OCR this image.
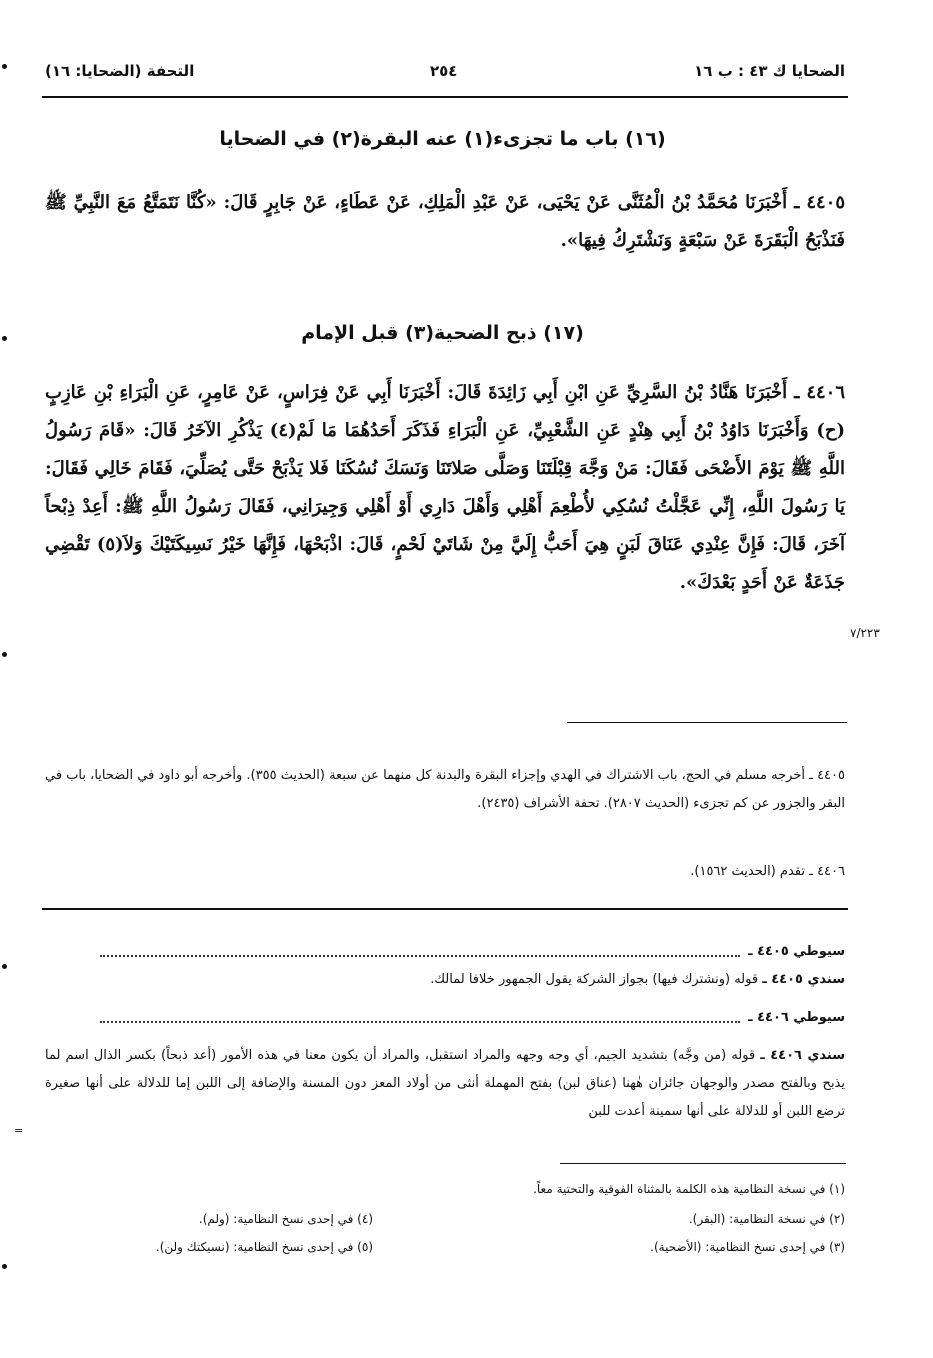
الضحايا ك ٤٣ : ب ١٦
٢٥٤
التحفة (الضحايا: ١٦)
(١٦) باب ما تجزىء(١) عنه البقرة(٢) في الضحايا

٤٤٠٥ ـ أَخْبَرَنَا مُحَمَّدُ بْنُ الْمُثَنَّى عَنْ يَحْيَى، عَنْ عَبْدِ الْمَلِكِ، عَنْ عَطَاءٍ، عَنْ جَابِرٍ قَالَ: «كُنَّا نَتَمَتَّعُ مَعَ النَّبِيِّ ﷺ فَنَذْبَحُ الْبَقَرَةَ عَنْ سَبْعَةٍ وَنَشْتَرِكُ فِيهَا».

(١٧) ذبح الضحية(٣) قبل الإمام

٤٤٠٦ ـ أَخْبَرَنَا هَنَّادُ بْنُ السَّرِيِّ عَنِ ابْنِ أَبِي زَائِدَةَ قَالَ: أَخْبَرَنَا أَبِي عَنْ فِرَاسٍ، عَنْ عَامِرٍ، عَنِ الْبَرَاءِ بْنِ عَازِبٍ (ح) وَأَخْبَرَنَا دَاوُدُ بْنُ أَبِي هِنْدٍ عَنِ الشَّعْبِيِّ، عَنِ الْبَرَاءِ فَذَكَرَ أَحَدُهُمَا مَا لَمْ(٤) يَذْكُرِ الآخَرُ قَالَ: «قَامَ رَسُولُ اللَّهِ ﷺ يَوْمَ الأَضْحَى فَقَالَ: مَنْ وَجَّهَ قِبْلَتَنَا وَصَلَّى صَلاتَنَا وَنَسَكَ نُسُكَنَا فَلا يَذْبَحْ حَتَّى يُصَلِّيَ، فَقَامَ خَالِي فَقَالَ: يَا رَسُولَ اللَّهِ، إِنِّي عَجَّلْتُ نُسُكِي لأُطْعِمَ أَهْلِي وَأَهْلَ دَارِي أَوْ أَهْلِي وَجِيرَانِي، فَقَالَ رَسُولُ اللَّهِ ﷺ: أَعِدْ ذِبْحاً آخَرَ، قَالَ: فَإِنَّ عِنْدِي عَنَاقَ لَبَنٍ هِيَ أَحَبُّ إِلَيَّ مِنْ شَاتَيْ لَحْمٍ، قَالَ: اذْبَحْهَا، فَإِنَّهَا خَيْرُ نَسِيكَتَيْكَ وَلاَ(٥) تَقْضِي جَذَعَةٌ عَنْ أَحَدٍ بَعْدَكَ».

٧/٢٢٣
٤٤٠٥ ـ أخرجه مسلم في الحج، باب الاشتراك في الهدي وإجزاء البقرة والبدنة كل منهما عن سبعة (الحديث ٣٥٥). وأخرجه أبو داود في الضحايا، باب في البقر والجزور عن كم تجزىء (الحديث ٢٨٠٧). تحفة الأشراف (٢٤٣٥).
٤٤٠٦ ـ تقدم (الحديث ١٥٦٢).
سيوطي ٤٤٠٥ ـ
سندي ٤٤٠٥ ـ قوله (ونشترك فيها) بجواز الشركة يقول الجمهور خلافاً لمالك.
سيوطي ٤٤٠٦ ـ
سندي ٤٤٠٦ ـ قوله (من وجَّه) بتشديد الجيم، أي وجه وجهه والمراد استقبل، والمراد أن يكون معنا في هذه الأمور (أعد ذبحاً) بكسر الذال اسم لما يذبح وبالفتح مصدر والوجهان جائزان هٰهنا (عناق لبن) بفتح المهملة أنثى من أولاد المعز دون المسنة والإضافة إلى اللبن إما للدلالة على أنها صغيرة ترضع اللبن أو للدلالة على أنها سمينة أعدت للبن
=
(١) في نسخة النظامية هذه الكلمة بالمثناة الفوقية والتحتية معاً.
(٢) في نسخة النظامية: (البقر).
(٤) في إحدى نسخ النظامية: (ولم).
(٣) في إحدى نسخ النظامية: (الأضحية).
(٥) في إحدى نسخ النظامية: (نسيكتك ولن).
